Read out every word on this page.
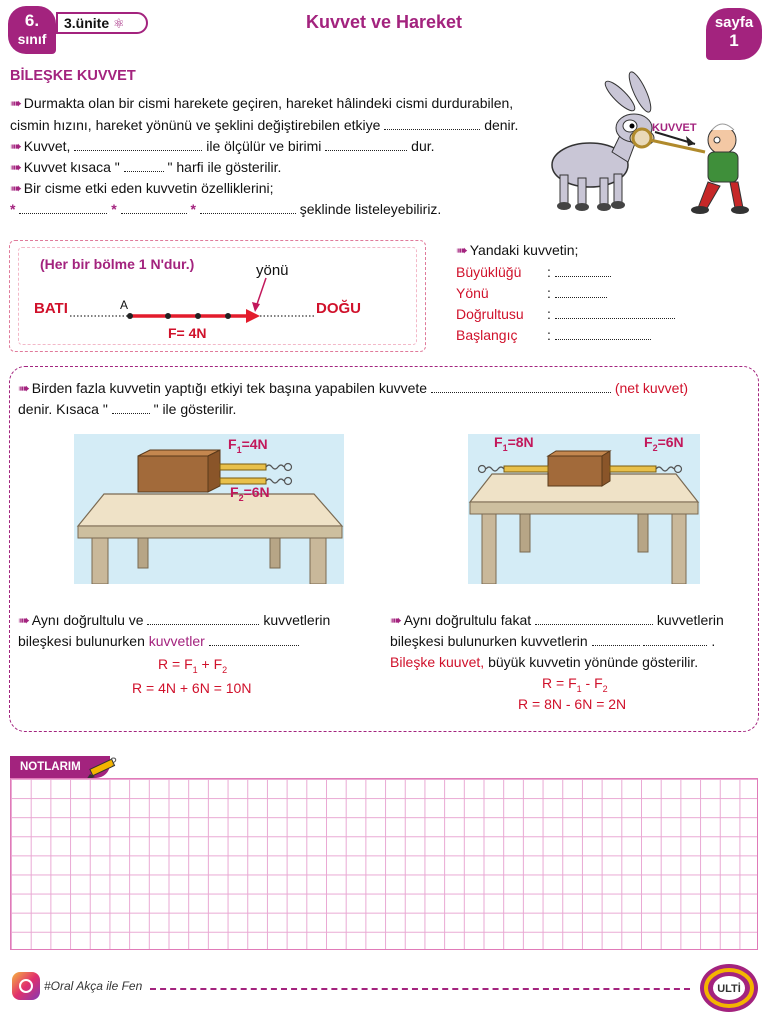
6.
sınıf
3.ünite ⚛	Kuvvet ve Hareket	sayfa
1
BİLEŞKE KUVVET
➠ Durmakta olan bir cismi harekete geçiren, hareket hâlindeki cismi durdurabilen,
cismin hızını, hareket yönünü ve şeklini değiştirebilen etkiye	denir.
➠ Kuvvet,	ile ölçülür ve birimi	dur.
➠ Kuvvet kısaca "	" harfi ile gösterilir.
➠ Bir cisme etki eden kuvvetin özelliklerini;
*	*	*	şeklinde listeleyebiliriz.
KUVVET
(Her bir bölme 1 N'dur.)	yönü
BATI	DOĞU
A
F= 4N
➠ Yandaki kuvvetin;
Büyüklüğü :
Yönü	:
Doğrultusu :
Başlangıç :
➠ Birden fazla kuvvetin yaptığı etkiyi tek başına yapabilen kuvvete	(net kuvvet)
denir. Kısaca "	" ile gösterilir.
$F_1=4N$
$F_2=6N$
$F_1=8N$	$F_2=6N$
➠ Aynı doğrultulu ve	kuvvetlerin
bileşkesi bulunurken kuvvetler
$R = F_1 + F_2$
R = 4N + 6N = 10N
➠ Aynı doğrultulu fakat	kuvvetlerin
bileşkesi bulunurken kuvvetlerin	.
Bileşke kuuvet, büyük kuvvetin yönünde gösterilir.
$R = F_1 - F_2$
R = 8N - 6N = 2N
NOTLARIM	?
#Oral Akça ile Fen	ULTİ
